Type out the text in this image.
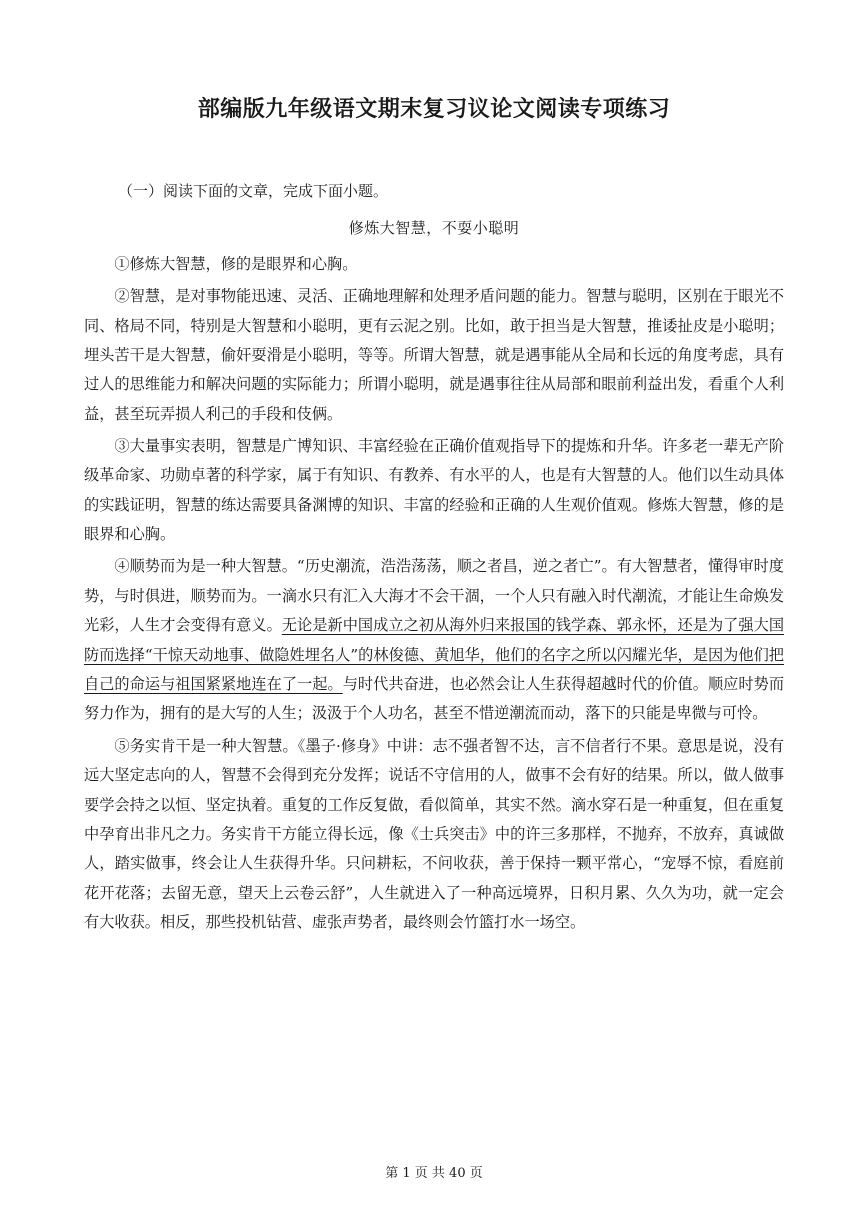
部编版九年级语文期末复习议论文阅读专项练习
（一）阅读下面的文章，完成下面小题。
修炼大智慧，不耍小聪明

①修炼大智慧，修的是眼界和心胸。

②智慧，是对事物能迅速、灵活、正确地理解和处理矛盾问题的能力。智慧与聪明，区别在于眼光不同、格局不同，特别是大智慧和小聪明，更有云泥之别。比如，敢于担当是大智慧，推诿扯皮是小聪明；埋头苦干是大智慧，偷奸耍滑是小聪明，等等。所谓大智慧，就是遇事能从全局和长远的角度考虑，具有过人的思维能力和解决问题的实际能力；所谓小聪明，就是遇事往往从局部和眼前利益出发，看重个人利益，甚至玩弄损人利己的手段和伎俩。

③大量事实表明，智慧是广博知识、丰富经验在正确价值观指导下的提炼和升华。许多老一辈无产阶级革命家、功勋卓著的科学家，属于有知识、有教养、有水平的人，也是有大智慧的人。他们以生动具体的实践证明，智慧的练达需要具备渊博的知识、丰富的经验和正确的人生观价值观。修炼大智慧，修的是眼界和心胸。

④顺势而为是一种大智慧。“历史潮流，浩浩荡荡，顺之者昌，逆之者亡”。有大智慧者，懂得审时度势，与时俱进，顺势而为。一滴水只有汇入大海才不会干涸，一个人只有融入时代潮流，才能让生命焕发光彩，人生才会变得有意义。无论是新中国成立之初从海外归来报国的钱学森、郭永怀，还是为了强大国防而选择“干惊天动地事、做隐姓埋名人”的林俊德、黄旭华，他们的名字之所以闪耀光华，是因为他们把自己的命运与祖国紧紧地连在了一起。与时代共奋进，也必然会让人生获得超越时代的价值。顺应时势而努力作为，拥有的是大写的人生；汲汲于个人功名，甚至不惜逆潮流而动，落下的只能是卑微与可怜。

⑤务实肯干是一种大智慧。《墨子·修身》中讲：志不强者智不达，言不信者行不果。意思是说，没有远大坚定志向的人，智慧不会得到充分发挥；说话不守信用的人，做事不会有好的结果。所以，做人做事要学会持之以恒、坚定执着。重复的工作反复做，看似简单，其实不然。滴水穿石是一种重复，但在重复中孕育出非凡之力。务实肯干方能立得长远，像《士兵突击》中的许三多那样，不抛弃，不放弃，真诚做人，踏实做事，终会让人生获得升华。只问耕耘，不问收获，善于保持一颗平常心，“宠辱不惊，看庭前花开花落；去留无意，望天上云卷云舒”，人生就进入了一种高远境界，日积月累、久久为功，就一定会有大收获。相反，那些投机钻营、虚张声势者，最终则会竹篮打水一场空。

第 1 页 共 40 页
